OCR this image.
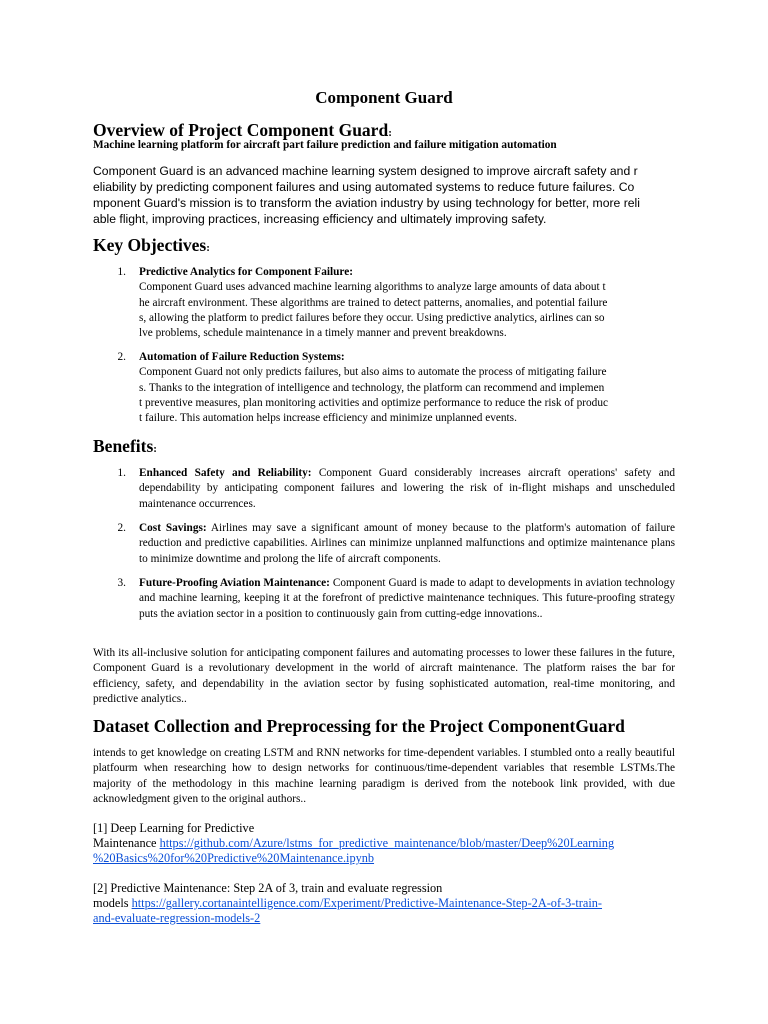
Component Guard
Overview of Project Component Guard:
Machine learning platform for aircraft part failure prediction and failure mitigation automation
Component Guard is an advanced machine learning system designed to improve aircraft safety and r
eliability by predicting component failures and using automated systems to reduce future failures. Co
mponent Guard's mission is to transform the aviation industry by using technology for better, more reli
able flight, improving practices, increasing efficiency and ultimately improving safety.
Key Objectives:
1. Predictive Analytics for Component Failure:
Component Guard uses advanced machine learning algorithms to analyze large amounts of data about t
he aircraft environment. These algorithms are trained to detect patterns, anomalies, and potential failure
s, allowing the platform to predict failures before they occur. Using predictive analytics, airlines can so
lve problems, schedule maintenance in a timely manner and prevent breakdowns.
2. Automation of Failure Reduction Systems:
Component Guard not only predicts failures, but also aims to automate the process of mitigating failure
s. Thanks to the integration of intelligence and technology, the platform can recommend and implemen
t preventive measures, plan monitoring activities and optimize performance to reduce the risk of produc
t failure. This automation helps increase efficiency and minimize unplanned events.
Benefits:
1. Enhanced Safety and Reliability: Component Guard considerably increases aircraft operations' safety and dependability by anticipating component failures and lowering the risk of in-flight mishaps and unscheduled maintenance occurrences.
2. Cost Savings: Airlines may save a significant amount of money because to the platform's automation of failure reduction and predictive capabilities. Airlines can minimize unplanned malfunctions and optimize maintenance plans to minimize downtime and prolong the life of aircraft components.
3. Future-Proofing Aviation Maintenance: Component Guard is made to adapt to developments in aviation technology and machine learning, keeping it at the forefront of predictive maintenance techniques. This future-proofing strategy puts the aviation sector in a position to continuously gain from cutting-edge innovations..
With its all-inclusive solution for anticipating component failures and automating processes to lower these failures in the future, Component Guard is a revolutionary development in the world of aircraft maintenance. The platform raises the bar for efficiency, safety, and dependability in the aviation sector by fusing sophisticated automation, real-time monitoring, and predictive analytics..
Dataset Collection and Preprocessing for the Project ComponentGuard
intends to get knowledge on creating LSTM and RNN networks for time-dependent variables. I stumbled onto a really beautiful platfourm when researching how to design networks for continuous/time-dependent variables that resemble LSTMs.The majority of the methodology in this machine learning paradigm is derived from the notebook link provided, with due acknowledgment given to the original authors..
[1] Deep Learning for Predictive
Maintenance https://github.com/Azure/lstms_for_predictive_maintenance/blob/master/Deep%20Learning
%20Basics%20for%20Predictive%20Maintenance.ipynb
[2] Predictive Maintenance: Step 2A of 3, train and evaluate regression
models https://gallery.cortanaintelligence.com/Experiment/Predictive-Maintenance-Step-2A-of-3-train-
and-evaluate-regression-models-2
